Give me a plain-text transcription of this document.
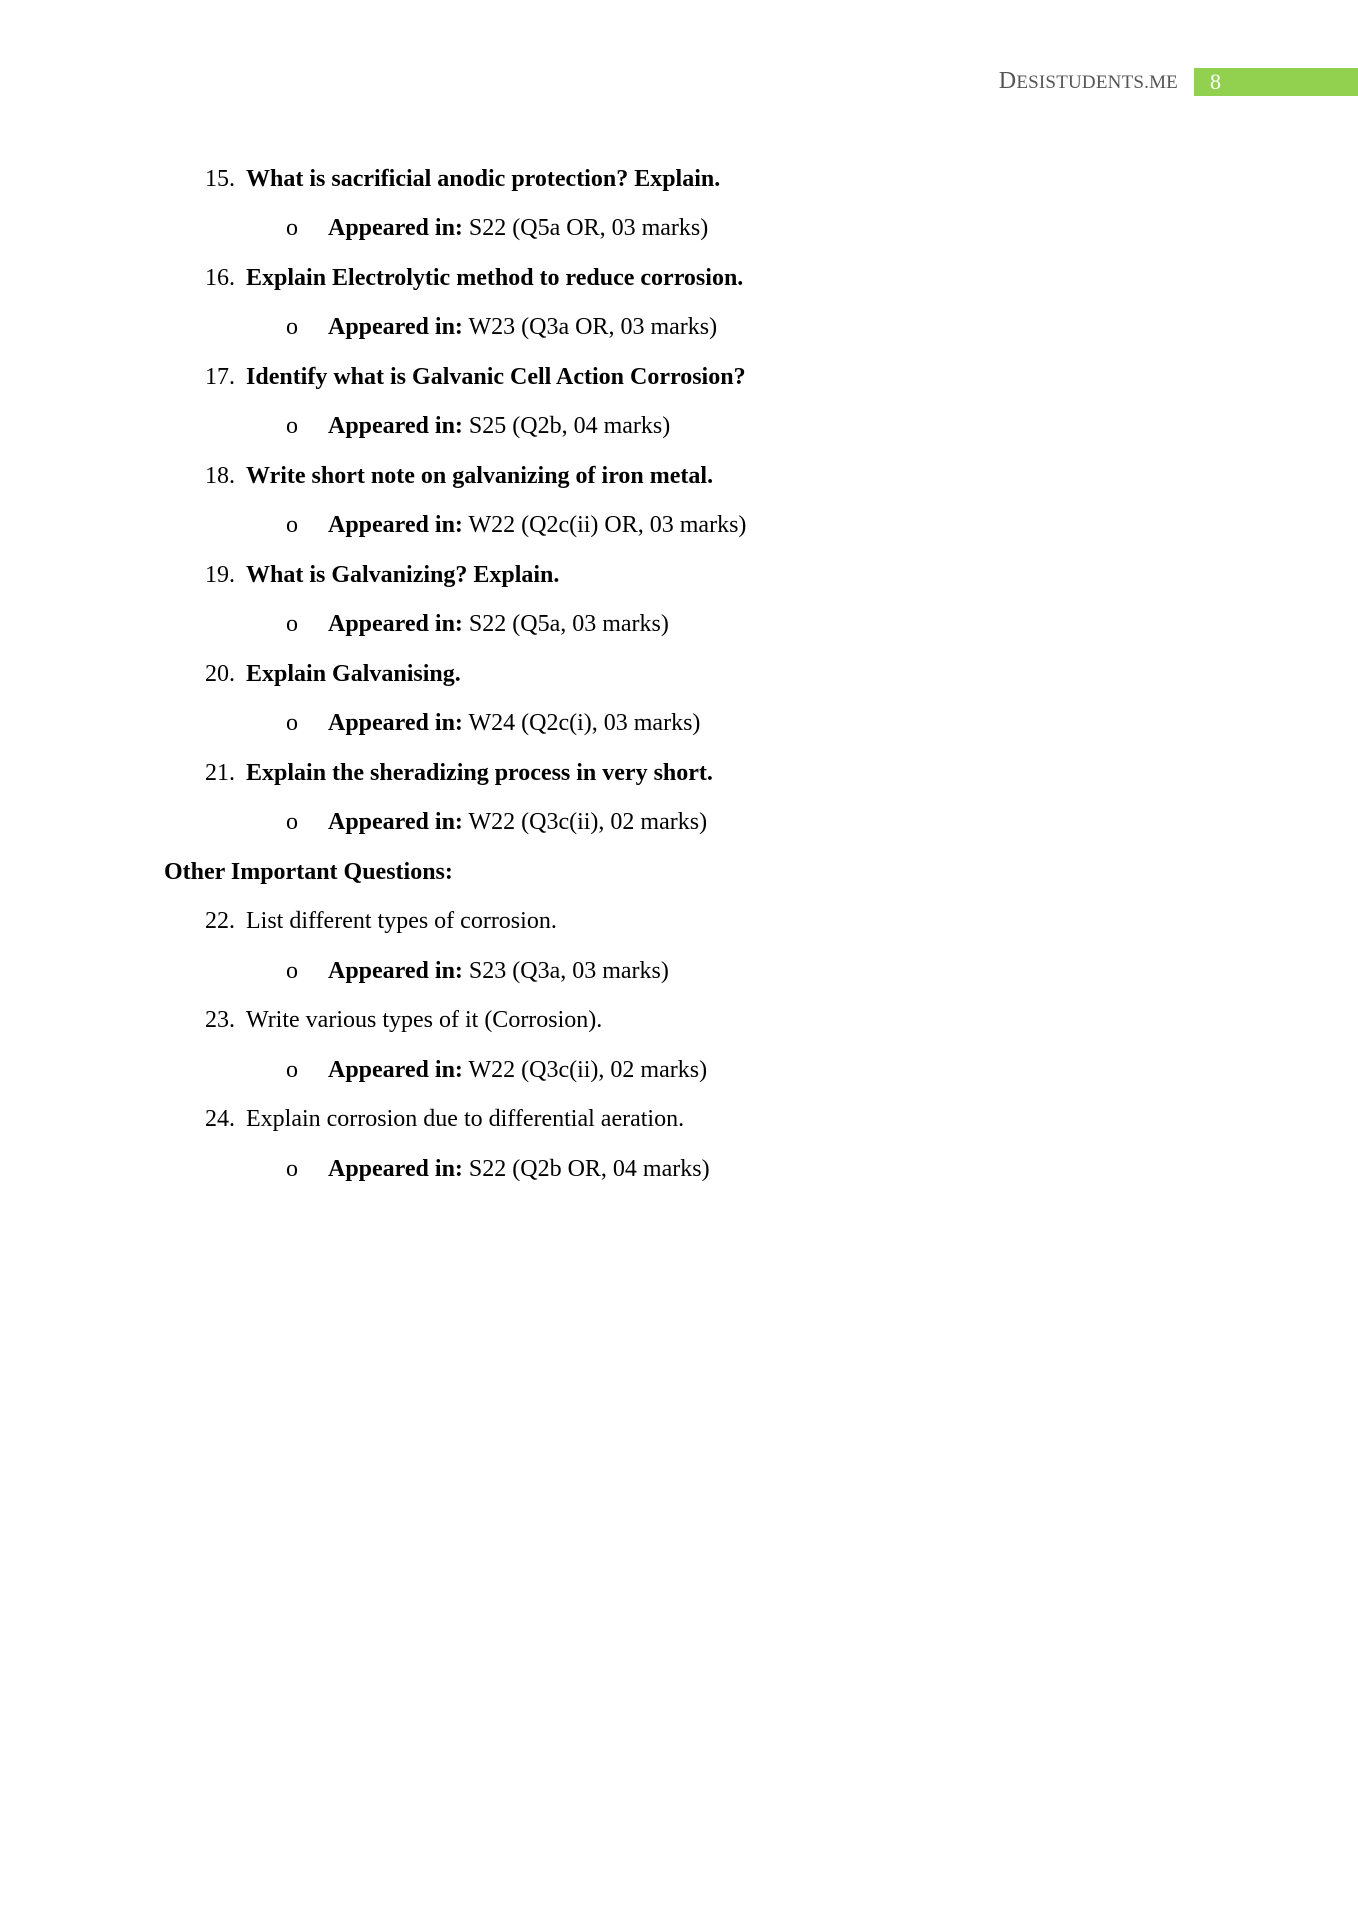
DESISTUDENTS.ME	8
15. What is sacrificial anodic protection? Explain.
o Appeared in: S22 (Q5a OR, 03 marks)
16. Explain Electrolytic method to reduce corrosion.
o Appeared in: W23 (Q3a OR, 03 marks)
17. Identify what is Galvanic Cell Action Corrosion?
o Appeared in: S25 (Q2b, 04 marks)
18. Write short note on galvanizing of iron metal.
o Appeared in: W22 (Q2c(ii) OR, 03 marks)
19. What is Galvanizing? Explain.
o Appeared in: S22 (Q5a, 03 marks)
20. Explain Galvanising.
o Appeared in: W24 (Q2c(i), 03 marks)
21. Explain the sheradizing process in very short.
o Appeared in: W22 (Q3c(ii), 02 marks)
Other Important Questions:
22. List different types of corrosion.
o Appeared in: S23 (Q3a, 03 marks)
23. Write various types of it (Corrosion).
o Appeared in: W22 (Q3c(ii), 02 marks)
24. Explain corrosion due to differential aeration.
o Appeared in: S22 (Q2b OR, 04 marks)
